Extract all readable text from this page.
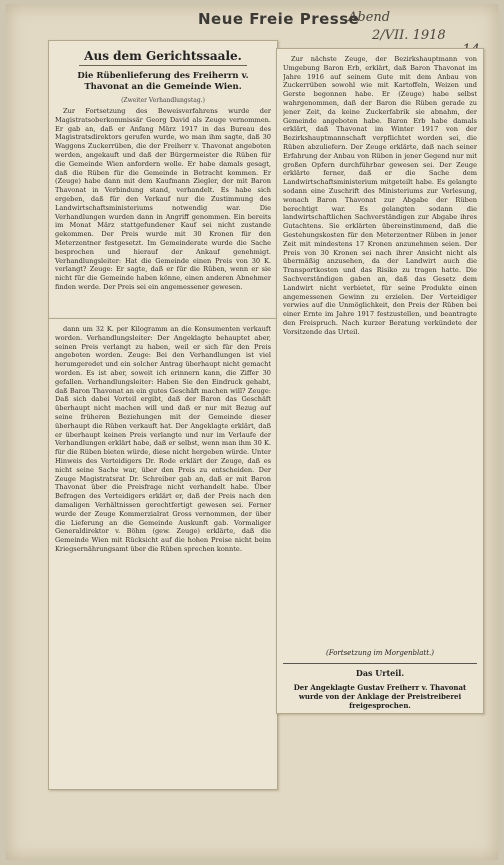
Neue Freie Presse
Abend
2/VII. 1918
Aus dem Gerichtssaale.
Die Rübenlieferung des Freiherrn v. Thavonat an die Gemeinde Wien.
(Zweiter Verhandlungstag.)

Zur Fortsetzung des Beweisverfahrens wurde der Magistratsoberkommissär Georg David als Zeuge vernommen. Er gab an, daß er Anfang März 1917 in das Bureau des Magistratsdirektors gerufen wurde, wo man ihm sagte, daß 30 Waggons Zuckerrüben, die der Freiherr v. Thavonat angeboten werden, angekauft und daß der Bürgermeister die Rüben für die Gemeinde Wien anfordern wolle. Er habe damals gesagt, daß die Rüben für die Gemeinde in Betracht kommen. Er (Zeuge) habe dann mit dem Kaufmann Ziegler, der mit Baron Thavonat in Verbindung stand, verhandelt. Es habe sich ergeben, daß für den Verkauf nur die Zustimmung des Landwirtschaftsministeriums notwendig war. Die Verhandlungen wurden dann in Angriff genommen. Ein bereits im Monat März stattgefundener Kauf sei nicht zustande gekommen. Der Preis wurde mit 30 Kronen für den Meterzentner festgesetzt. Im Gemeinderate wurde die Sache besprochen und hierauf der Ankauf genehmigt. Verhandlungsleiter: Hat die Gemeinde einen Preis von 30 K. verlangt? Zeuge: Er sagte, daß er für die Rüben, wenn er sie nicht für die Gemeinde haben könne, einen anderen Abnehmer finden werde. Der Preis sei ein angemessener gewesen.

dann um 32 K. per Kilogramm an die Konsumenten verkauft worden. Verhandlungsleiter: Der Angeklagte behauptet aber, seinen Preis verlangt zu haben, weil er sich für den Preis angeboten worden. Zeuge: Bei den Verhandlungen ist viel herumgeredet und ein solcher Antrag überhaupt nicht gemacht worden. Es ist aber, soweit ich erinnern kann, die Ziffer 30 gefallen. Verhandlungsleiter: Haben Sie den Eindruck gehabt, daß Baron Thavonat an ein gutes Geschäft machen will? Zeuge: Daß sich dabei Vorteil ergibt, daß der Baron das Geschäft überhaupt nicht machen will und daß er nur mit Bezug auf seine früheren Beziehungen mit der Gemeinde dieser überhaupt die Rüben verkauft hat. Der Angeklagte erklärt, daß er überhaupt keinen Preis verlangte und nur im Verlaufe der Verhandlungen erklärt habe, daß er selbst, wenn man ihm 30 K. für die Rüben bieten würde, diese nicht hergeben würde. Unter Hinweis des Verteidigers Dr. Rode erklärt der Zeuge, daß es nicht seine Sache war, über den Preis zu entscheiden. Der Zeuge Magistratsrat Dr. Schreiber gab an, daß er mit Baron Thavonat über die Preisfrage nicht verhandelt habe. Über Befragen des Verteidigers erklärt er, daß der Preis nach den damaligen Verhältnissen gerechtfertigt gewesen sei. Ferner wurde der Zeuge Kommerzialrat Gross vernommen, der über die Lieferung an die Gemeinde Auskunft gab. Vormaliger Generaldirektor v. Böhm (gew. Zeuge) erklärte, daß die Gemeinde Wien mit Rücksicht auf die hohen Preise nicht beim Kriegsernährungsamt über die Rüben sprechen konnte.

Zur nächste Zeuge, der Bezirkshauptmann von Umgebung Baron Erb, erklärt, daß Baron Thavonat im Jahre 1916 auf seinem Gute mit dem Anbau von Zuckerrüben sowohl wie mit Kartoffeln, Weizen und Gerste begonnen habe. Er (Zeuge) habe selbst wahrgenommen, daß der Baron die Rüben gerade zu jener Zeit, da keine Zuckerfabrik sie abnahm, der Gemeinde angeboten habe. Baron Erb habe damals erklärt, daß Thavonat im Winter 1917 von der Bezirkshauptmannschaft verpflichtet worden sei, die Rüben abzuliefern. Der Zeuge erklärte, daß nach seiner Erfahrung der Anbau von Rüben in jener Gegend nur mit großen Opfern durchführbar gewesen sei. Der Zeuge erklärte ferner, daß er die Sache dem Landwirtschaftsministerium mitgeteilt habe. Es gelangte sodann eine Zuschrift des Ministeriums zur Verlesung, wonach Baron Thavonat zur Abgabe der Rüben berechtigt war. Es gelangten sodann die landwirtschaftlichen Sachverständigen zur Abgabe ihres Gutachtens. Sie erklärten übereinstimmend, daß die Gestehungskosten für den Meterzentner Rüben in jener Zeit mit mindestens 17 Kronen anzunehmen seien. Der Preis von 30 Kronen sei nach ihrer Ansicht nicht als übermäßig anzusehen, da der Landwirt auch die Transportkosten und das Risiko zu tragen hatte. Die Sachverständigen gaben an, daß das Gesetz dem Landwirt nicht verbietet, für seine Produkte einen angemessenen Gewinn zu erzielen. Der Verteidiger verwies auf die Unmöglichkeit, den Preis der Rüben bei einer Ernte im Jahre 1917 festzustellen, und beantragte den Freispruch. Nach kurzer Beratung verkündete der Vorsitzende das Urteil.

(Fortsetzung im Morgenblatt.)
Das Urteil.
Der Angeklagte Gustav Freiherr v. Thavonat wurde von der Anklage der Preistreiberei freigesprochen.
